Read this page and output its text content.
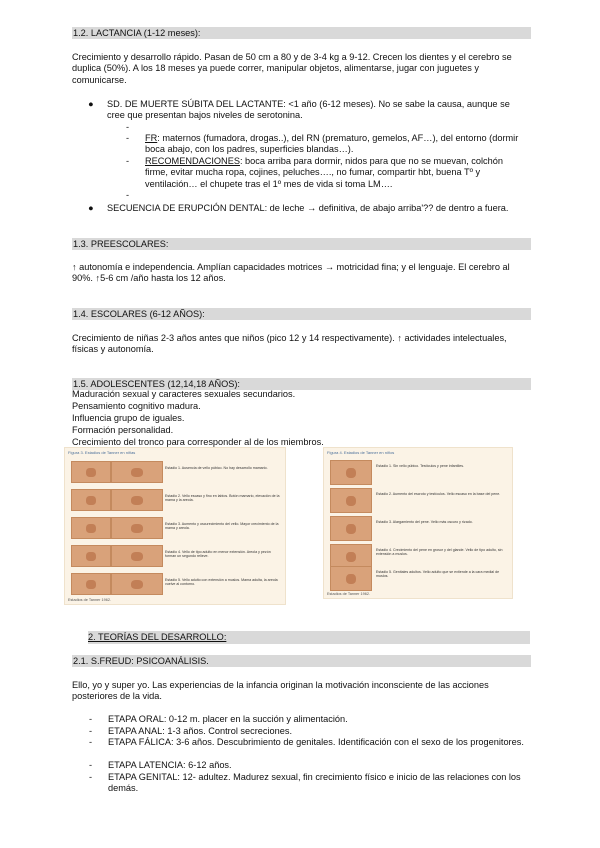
1.2. LACTANCIA (1-12 meses):
Crecimiento y desarrollo rápido. Pasan de 50 cm a 80 y de 3-4 kg a 9-12. Crecen los dientes y el cerebro se duplica (50%). A los 18 meses ya puede correr, manipular objetos, alimentarse, jugar con juguetes y comunicarse.
● SD. DE MUERTE SÚBITA DEL LACTANTE: <1 año (6-12 meses). No se sabe la causa, aunque se cree que presentan bajos niveles de serotonina.
-
- FR: maternos (fumadora, drogas..), del RN (prematuro, gemelos, AF…), del entorno (dormir boca abajo, con los padres, superficies blandas…).
- RECOMENDACIONES: boca arriba para dormir, nidos para que no se muevan, colchón firme, evitar mucha ropa, cojines, peluches…., no fumar, compartir hbt, buena Tº y ventilación… el chupete tras el 1º mes de vida si toma LM….
-
● SECUENCIA DE ERUPCIÓN DENTAL: de leche → definitiva, de abajo arriba'?? de dentro a fuera.
1.3. PREESCOLARES:
↑ autonomía e independencia. Amplían capacidades motrices → motricidad fina; y el lenguaje. El cerebro al 90%. ↑5-6 cm /año hasta los 12 años.
1.4. ESCOLARES (6-12 AÑOS):
Crecimiento de niñas 2-3 años antes que niños (pico 12 y 14 respectivamente). ↑ actividades intelectuales, físicas y autonomía.
1.5. ADOLESCENTES (12,14,18 AÑOS):
Maduración sexual y caracteres sexuales secundarios.
Pensamiento cognitivo madura.
Influencia grupo de iguales.
Formación personalidad.
Crecimiento del tronco para corresponder al de los miembros.
Figura 3. Estadios de Tanner en niñas
Estadio 1. Ausencia de vello púbico. No hay desarrollo mamario.
Estadio 2. Vello escaso y fino en labios. Botón mamario, elevación de la mama y la areola.
Estadio 3. Aumento y oscurecimiento del vello. Mayor crecimiento de la mama y areola.
Estadio 4. Vello de tipo adulto en menor extensión. Areola y pezón forman un segundo relieve.
Estadio 5. Vello adulto con extensión a muslos. Mama adulta, la areola vuelve al contorno.
Estadios de Tanner 1962.
Figura 4. Estadios de Tanner en niños
Estadio 1. Sin vello púbico. Testículos y pene infantiles.
Estadio 2. Aumento del escroto y testículos. Vello escaso en la base del pene.
Estadio 3. Alargamiento del pene. Vello más oscuro y rizado.
Estadio 4. Crecimiento del pene en grosor y del glande. Vello de tipo adulto, sin extensión a muslos.
Estadio 5. Genitales adultos. Vello adulto que se extiende a la cara medial de muslos.
Estadios de Tanner 1962.
2. TEORÍAS DEL DESARROLLO:
2.1. S.FREUD: PSICOANÁLISIS.
Ello, yo y super yo. Las experiencias de la infancia originan la motivación inconsciente de las acciones posteriores de la vida.
- ETAPA ORAL: 0-12 m. placer en la succión y alimentación.
- ETAPA ANAL: 1-3 años. Control secreciones.
- ETAPA FÁLICA: 3-6 años. Descubrimiento de genitales. Identificación con el sexo de los progenitores.
- ETAPA LATENCIA: 6-12 años.
- ETAPA GENITAL: 12- adultez. Madurez sexual, fin crecimiento físico e inicio de las relaciones con los demás.
